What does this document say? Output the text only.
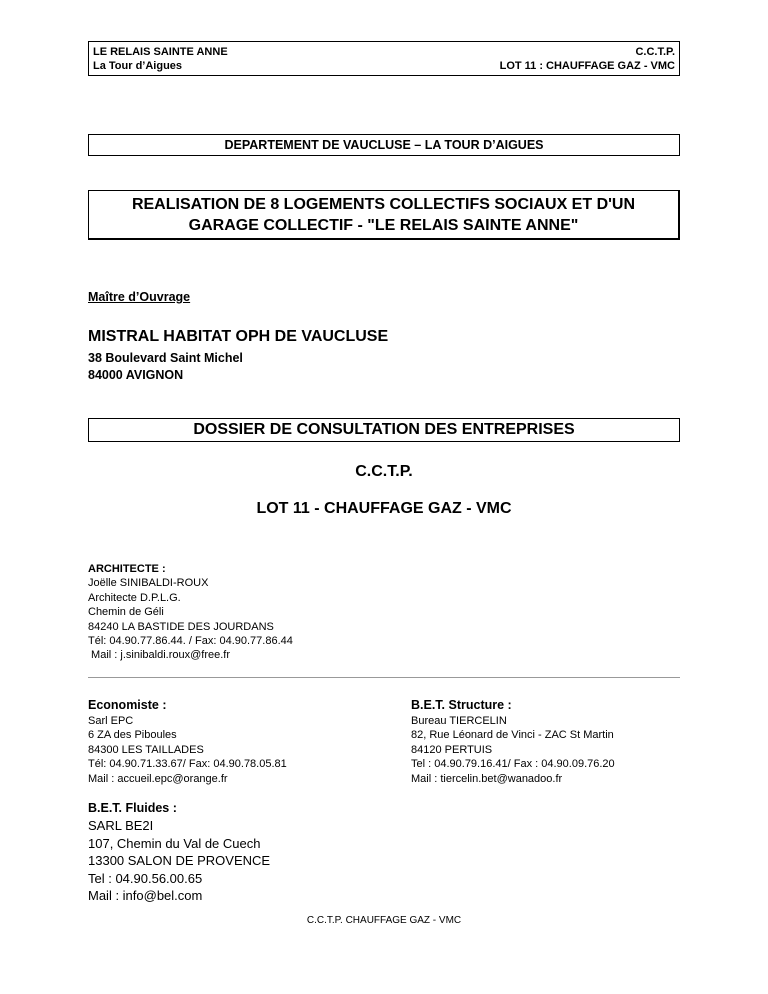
LE RELAIS SAINTE ANNE
La Tour d’Aigues
C.C.T.P.
LOT 11 : CHAUFFAGE GAZ - VMC
DEPARTEMENT DE VAUCLUSE – LA TOUR D’AIGUES
REALISATION DE 8 LOGEMENTS COLLECTIFS SOCIAUX ET D'UN
GARAGE COLLECTIF - "LE RELAIS SAINTE ANNE"
Maître d’Ouvrage
MISTRAL HABITAT OPH DE VAUCLUSE
38 Boulevard Saint Michel
84000 AVIGNON
DOSSIER DE CONSULTATION DES ENTREPRISES
C.C.T.P.
LOT 11 - CHAUFFAGE GAZ - VMC
ARCHITECTE :
Joëlle SINIBALDI-ROUX
Architecte D.P.L.G.
Chemin de Géli
84240 LA BASTIDE DES JOURDANS
Tél: 04.90.77.86.44. / Fax: 04.90.77.86.44
Mail : j.sinibaldi.roux@free.fr
Economiste :
Sarl EPC
6 ZA des Piboules
84300 LES TAILLADES
Tél: 04.90.71.33.67/ Fax: 04.90.78.05.81
Mail : accueil.epc@orange.fr
B.E.T. Structure :
Bureau TIERCELIN
82, Rue Léonard de Vinci - ZAC St Martin
84120 PERTUIS
Tel : 04.90.79.16.41/ Fax : 04.90.09.76.20
Mail : tiercelin.bet@wanadoo.fr
B.E.T. Fluides :
SARL BE2I
107, Chemin du Val de Cuech
13300 SALON DE PROVENCE
Tel : 04.90.56.00.65
Mail : info@bel.com
C.C.T.P. CHAUFFAGE GAZ - VMC
